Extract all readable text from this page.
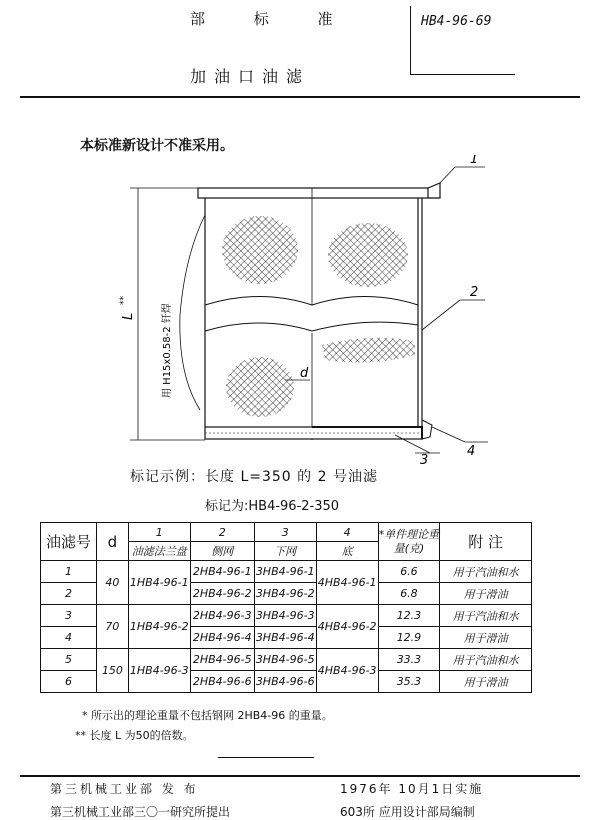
部 标 准
加油口油滤
HB4-96-69
本标准新设计不准采用。
1
2
4
3
d
L
**
用 H15x0.58-2 钎焊
标记示例：长度 L=350 的 2 号油滤
标记为:HB4-96-2-350
油滤号	d	1	2	3	4	*单件理论重量(克)	附 注
		油滤法兰盘	侧网	下网	底		
1	40	1HB4-96-1	2HB4-96-1	3HB4-96-1	4HB4-96-1	6.6	用于汽油和水
2			2HB4-96-2	3HB4-96-2		6.8	用于滑油
3	70	1HB4-96-2	2HB4-96-3	3HB4-96-3	4HB4-96-2	12.3	用于汽油和水
4			2HB4-96-4	3HB4-96-4		12.9	用于滑油
5	150	1HB4-96-3	2HB4-96-5	3HB4-96-5	4HB4-96-3	33.3	用于汽油和水
6			2HB4-96-6	3HB4-96-6		35.3	用于滑油
* 所示出的理论重量不包括钢网 2HB4-96 的重量。
** 长度 L 为50的倍数。
第三机械工业部 发 布	1976年 10月1日实施
第三机械工业部三〇一研究所提出	603所 应用设计部局编制
